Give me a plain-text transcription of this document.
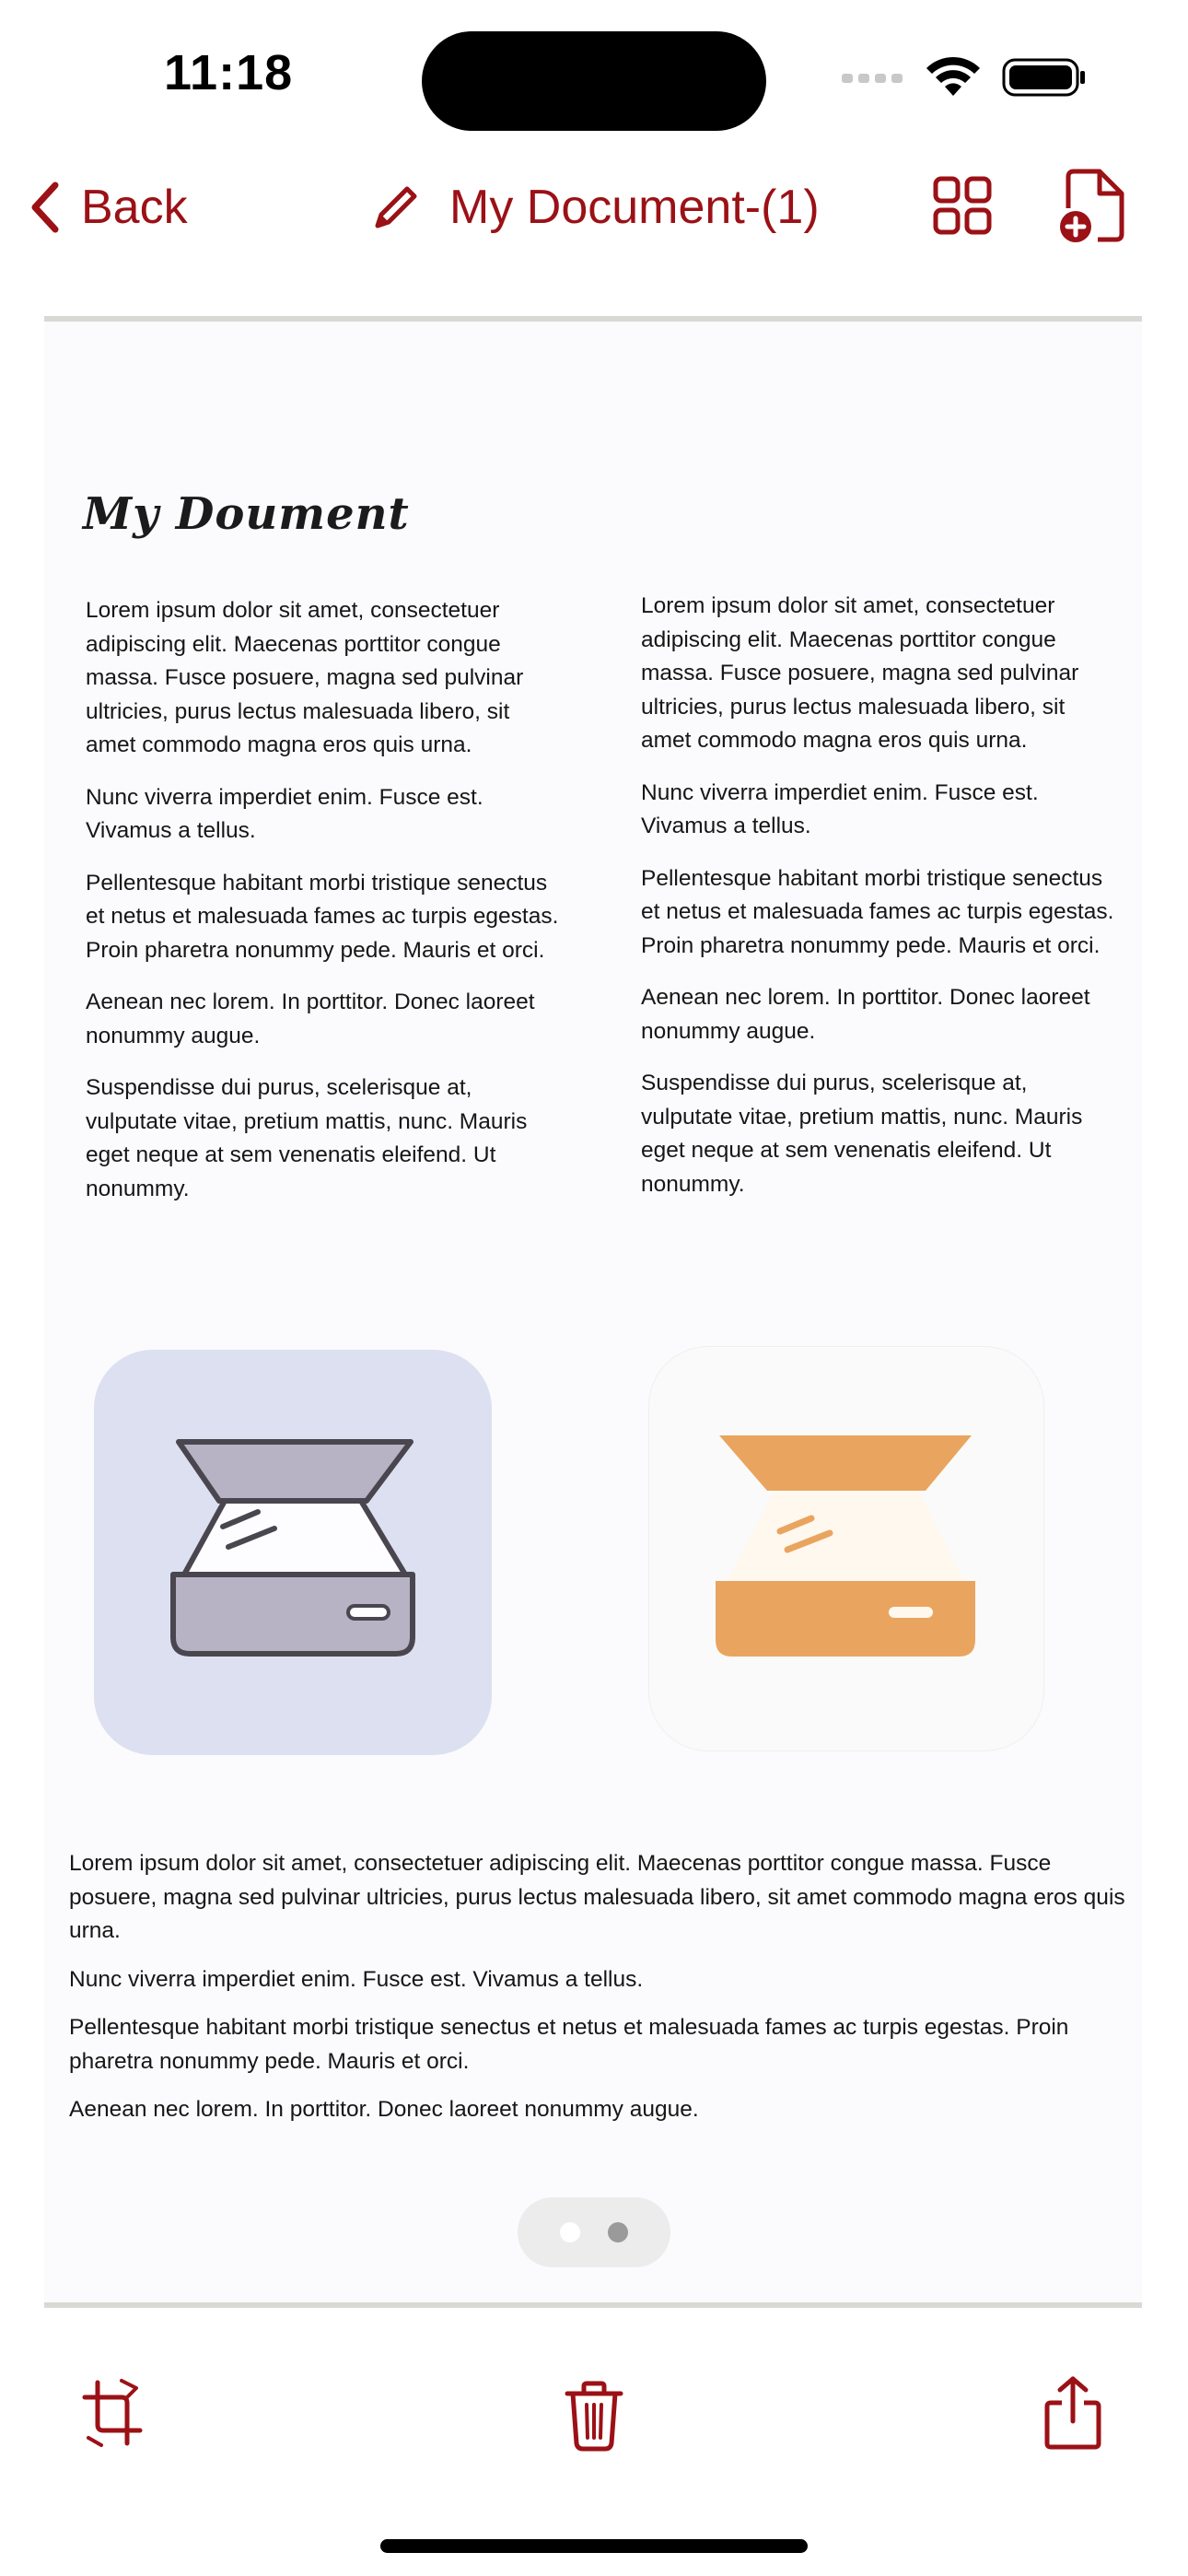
11:18
Back	My Document-(1)
My Doument

Lorem ipsum dolor sit amet, consectetuer adipiscing elit. Maecenas porttitor congue massa. Fusce posuere, magna sed pulvinar ultricies, purus lectus malesuada libero, sit amet commodo magna eros quis urna.

Nunc viverra imperdiet enim. Fusce est. Vivamus a tellus.

Pellentesque habitant morbi tristique senectus et netus et malesuada fames ac turpis egestas. Proin pharetra nonummy pede. Mauris et orci.

Aenean nec lorem. In porttitor. Donec laoreet nonummy augue.

Suspendisse dui purus, scelerisque at, vulputate vitae, pretium mattis, nunc. Mauris eget neque at sem venenatis eleifend. Ut nonummy.

Lorem ipsum dolor sit amet, consectetuer adipiscing elit. Maecenas porttitor congue massa. Fusce posuere, magna sed pulvinar ultricies, purus lectus malesuada libero, sit amet commodo magna eros quis urna.

Nunc viverra imperdiet enim. Fusce est. Vivamus a tellus.

Pellentesque habitant morbi tristique senectus et netus et malesuada fames ac turpis egestas. Proin pharetra nonummy pede. Mauris et orci.

Aenean nec lorem. In porttitor. Donec laoreet nonummy augue.

Suspendisse dui purus, scelerisque at, vulputate vitae, pretium mattis, nunc. Mauris eget neque at sem venenatis eleifend. Ut nonummy.

Lorem ipsum dolor sit amet, consectetuer adipiscing elit. Maecenas porttitor congue massa. Fusce posuere, magna sed pulvinar ultricies, purus lectus malesuada libero, sit amet commodo magna eros quis urna.

Nunc viverra imperdiet enim. Fusce est. Vivamus a tellus.

Pellentesque habitant morbi tristique senectus et netus et malesuada fames ac turpis egestas. Proin pharetra nonummy pede. Mauris et orci.

Aenean nec lorem. In porttitor. Donec laoreet nonummy augue.
